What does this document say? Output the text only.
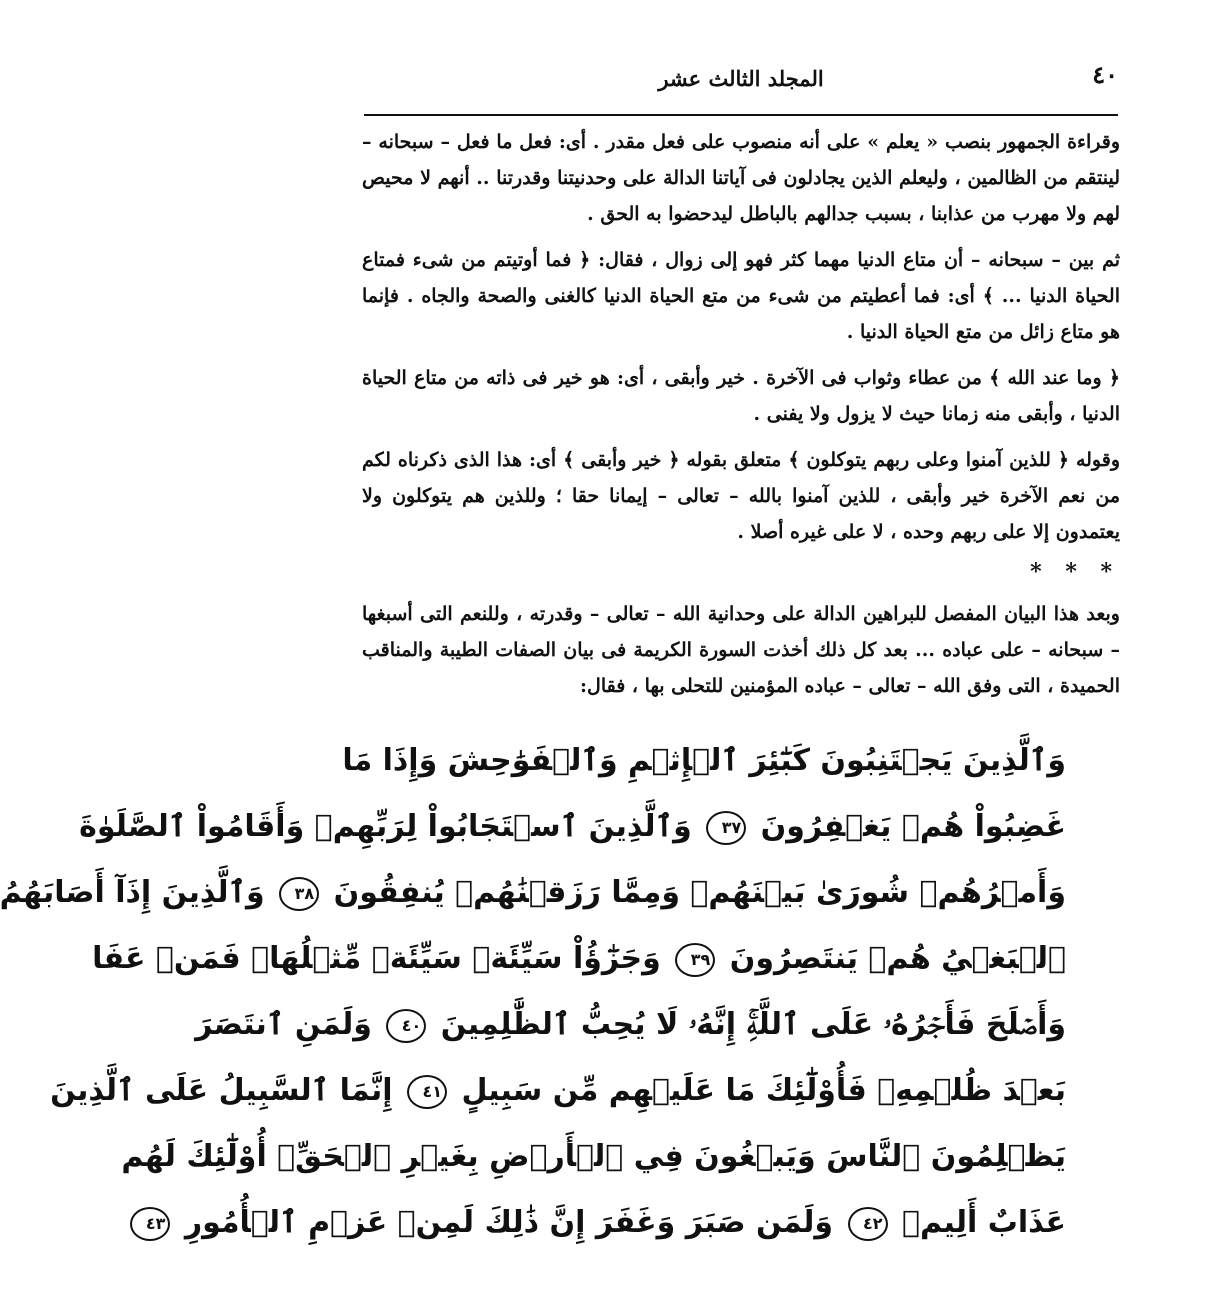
٤٠
المجلد الثالث عشر

وقراءة الجمهور بنصب « يعلم » على أنه منصوب على فعل مقدر . أى: فعل ما فعل – سبحانه – لينتقم من الظالمين ، وليعلم الذين يجادلون فى آياتنا الدالة على وحدنيتنا وقدرتنا .. أنهم لا محيص لهم ولا مهرب من عذابنا ، بسبب جدالهم بالباطل ليدحضوا به الحق .

ثم بين – سبحانه – أن متاع الدنيا مهما كثر فهو إلى زوال ، فقال: ﴿ فما أوتيتم من شىء فمتاع الحياة الدنيا ... ﴾ أى: فما أعطيتم من شىء من متع الحياة الدنيا كالغنى والصحة والجاه . فإنما هو متاع زائل من متع الحياة الدنيا .

﴿ وما عند الله ﴾ من عطاء وثواب فى الآخرة . خير وأبقى ، أى: هو خير فى ذاته من متاع الحياة الدنيا ، وأبقى منه زمانا حيث لا يزول ولا يفنى .

وقوله ﴿ للذين آمنوا وعلى ربهم يتوكلون ﴾ متعلق بقوله ﴿ خير وأبقى ﴾ أى: هذا الذى ذكرناه لكم من نعم الآخرة خير وأبقى ، للذين آمنوا بالله – تعالى – إيمانا حقا ؛ وللذين هم يتوكلون ولا يعتمدون إلا على ربهم وحده ، لا على غيره أصلا .

* * *

وبعد هذا البيان المفصل للبراهين الدالة على وحدانية الله – تعالى – وقدرته ، وللنعم التى أسبغها – سبحانه – على عباده ... بعد كل ذلك أخذت السورة الكريمة فى بيان الصفات الطيبة والمناقب الحميدة ، التى وفق الله – تعالى – عباده المؤمنين للتحلى بها ، فقال:

وَٱلَّذِينَ يَجۡتَنِبُونَ كَبَٰٓئِرَ ٱلۡإِثۡمِ وَٱلۡفَوَٰحِشَ وَإِذَا مَا
غَضِبُواْ هُمۡ يَغۡفِرُونَ ٣٧ وَٱلَّذِينَ ٱسۡتَجَابُواْ لِرَبِّهِمۡ وَأَقَامُواْ ٱلصَّلَوٰةَ
وَأَمۡرُهُمۡ شُورَىٰ بَيۡنَهُمۡ وَمِمَّا رَزَقۡنَٰهُمۡ يُنفِقُونَ ٣٨ وَٱلَّذِينَ إِذَآ أَصَابَهُمُ
ٱلۡبَغۡيُ هُمۡ يَنتَصِرُونَ ٣٩ وَجَزَٰٓؤُاْ سَيِّئَةٖ سَيِّئَةٞ مِّثۡلُهَاۖ فَمَنۡ عَفَا
وَأَصۡلَحَ فَأَجۡرُهُۥ عَلَى ٱللَّهِۚ إِنَّهُۥ لَا يُحِبُّ ٱلظَّٰلِمِينَ ٤٠ وَلَمَنِ ٱنتَصَرَ
بَعۡدَ ظُلۡمِهِۦ فَأُوْلَٰٓئِكَ مَا عَلَيۡهِم مِّن سَبِيلٍ ٤١ إِنَّمَا ٱلسَّبِيلُ عَلَى ٱلَّذِينَ
يَظۡلِمُونَ ٱلنَّاسَ وَيَبۡغُونَ فِي ٱلۡأَرۡضِ بِغَيۡرِ ٱلۡحَقِّۚ أُوْلَٰٓئِكَ لَهُم
عَذَابٌ أَلِيمٞ ٤٢ وَلَمَن صَبَرَ وَغَفَرَ إِنَّ ذَٰلِكَ لَمِنۡ عَزۡمِ ٱلۡأُمُورِ ٤٣
